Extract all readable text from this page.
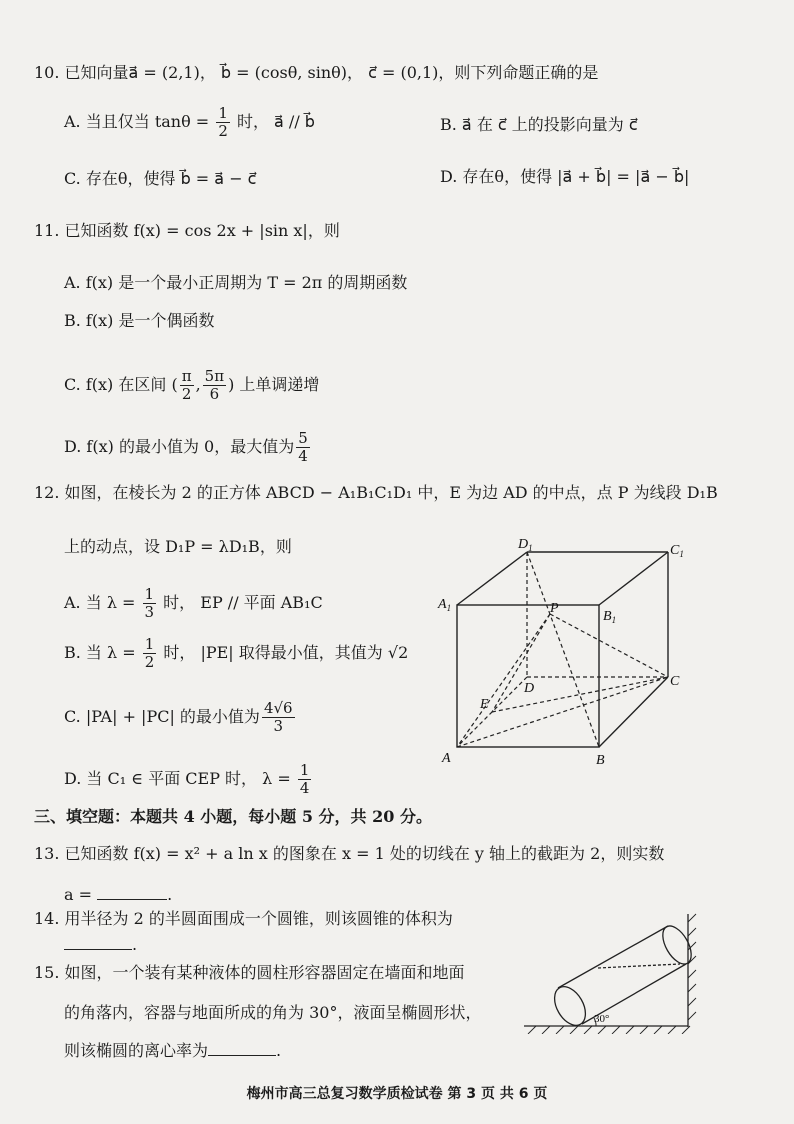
10. 已知向量a⃗ = (2,1)， b⃗ = (cosθ, sinθ)， c⃗ = (0,1)，则下列命题正确的是
A. 当且仅当 $\tan\theta = \frac{1}{2}$ 时， a⃗ // b⃗	B. a⃗ 在 c⃗ 上的投影向量为 c⃗
C. 存在θ，使得 b⃗ = a⃗ − c⃗	D. 存在θ，使得 |a⃗ + b⃗| = |a⃗ − b⃗|
11. 已知函数 f(x) = cos 2x + |sin x|，则
A. f(x) 是一个最小正周期为 T = 2π 的周期函数
B. f(x) 是一个偶函数
C. f(x) 在区间 ( $\frac{\pi}{2}$ , $\frac{5\pi}{6}$ ) 上单调递增
D. f(x) 的最小值为 0，最大值为 $\frac{5}{4}$
12. 如图，在棱长为 2 的正方体 ABCD − A₁B₁C₁D₁ 中，E 为边 AD 的中点，点 P 为线段 D₁B
上的动点，设 D₁P = λD₁B，则
A. 当 $\lambda = \frac{1}{3}$ 时， EP // 平面 AB₁C
B. 当 $\lambda = \frac{1}{2}$ 时， |PE| 取得最小值，其值为 √2
C. |PA| + |PC| 的最小值为 $\frac{4√6}{3}$
D. 当 C₁ ∈ 平面 CEP 时， $\lambda = \frac{1}{4}$
$D_1$	$C_1$
$A_1$
$B_1$
P
C
D
E
A	B
三、填空题：本题共 4 小题，每小题 5 分，共 20 分。
13. 已知函数 f(x) = x² + a ln x 的图象在 x = 1 处的切线在 y 轴上的截距为 2，则实数
a =	.
14. 用半径为 2 的半圆面围成一个圆锥，则该圆锥的体积为
.
15. 如图，一个装有某种液体的圆柱形容器固定在墙面和地面
的角落内，容器与地面所成的角为 30°，液面呈椭圆形状，
则该椭圆的离心率为	.
30°
梅州市高三总复习数学质检试卷 第 3 页 共 6 页
